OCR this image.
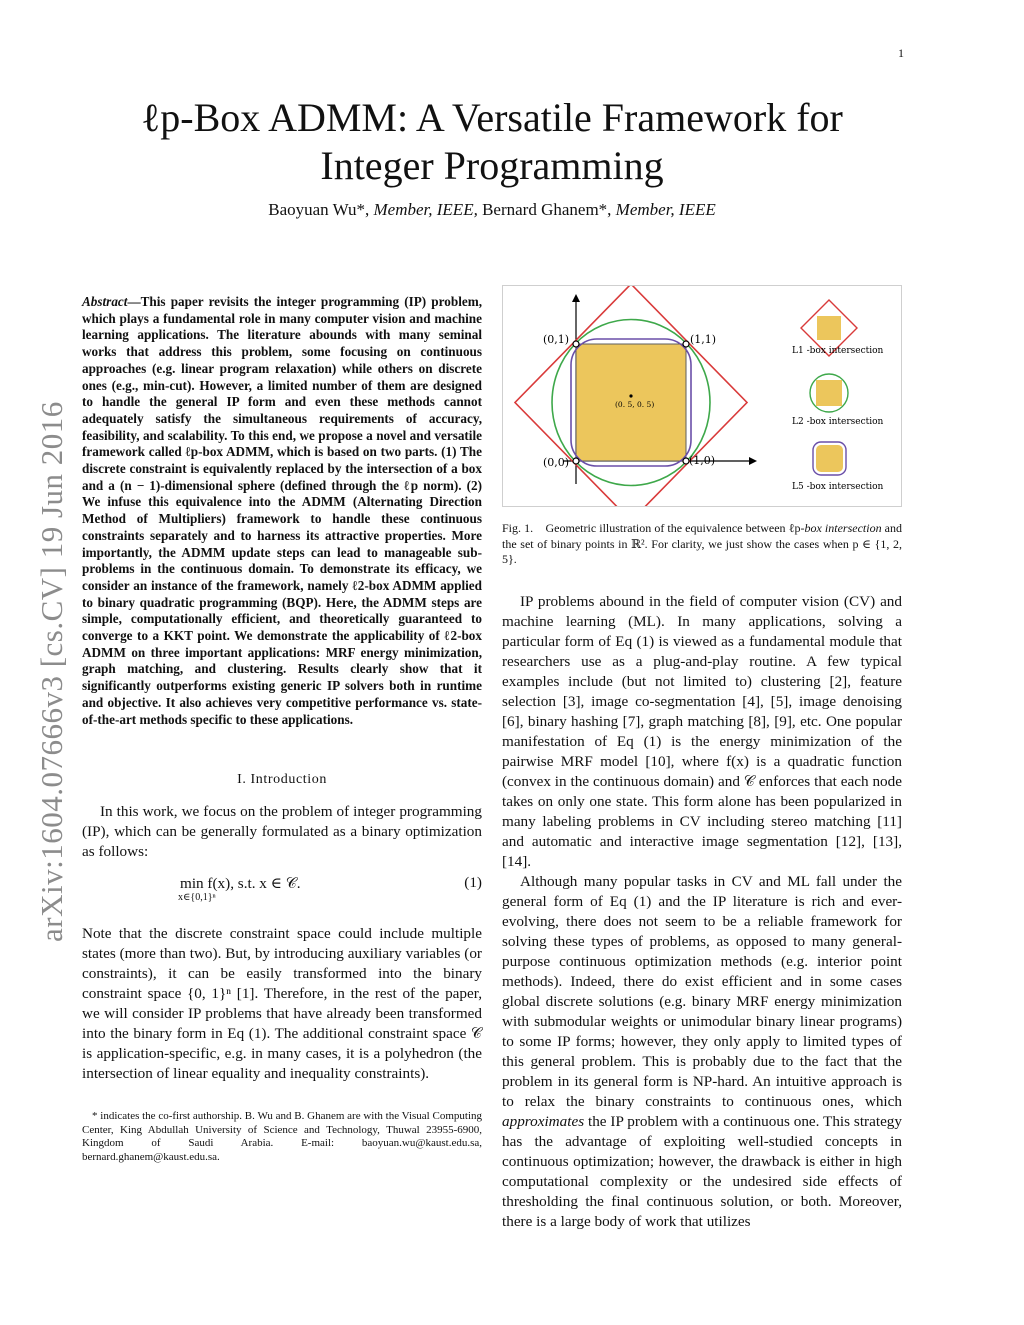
1
arXiv:1604.07666v3 [cs.CV] 19 Jun 2016
ℓp-Box ADMM: A Versatile Framework for Integer Programming
Baoyuan Wu*, Member, IEEE, Bernard Ghanem*, Member, IEEE

Abstract—This paper revisits the integer programming (IP) problem, which plays a fundamental role in many computer vision and machine learning applications. The literature abounds with many seminal works that address this problem, some focusing on continuous approaches (e.g. linear program relaxation) while others on discrete ones (e.g., min-cut). However, a limited number of them are designed to handle the general IP form and even these methods cannot adequately satisfy the simultaneous requirements of accuracy, feasibility, and scalability. To this end, we propose a novel and versatile framework called ℓp-box ADMM, which is based on two parts. (1) The discrete constraint is equivalently replaced by the intersection of a box and a (n − 1)-dimensional sphere (defined through the ℓp norm). (2) We infuse this equivalence into the ADMM (Alternating Direction Method of Multipliers) framework to handle these continuous constraints separately and to harness its attractive properties. More importantly, the ADMM update steps can lead to manageable sub-problems in the continuous domain. To demonstrate its efficacy, we consider an instance of the framework, namely ℓ2-box ADMM applied to binary quadratic programming (BQP). Here, the ADMM steps are simple, computationally efficient, and theoretically guaranteed to converge to a KKT point. We demonstrate the applicability of ℓ2-box ADMM on three important applications: MRF energy minimization, graph matching, and clustering. Results clearly show that it significantly outperforms existing generic IP solvers both in runtime and objective. It also achieves very competitive performance vs. state-of-the-art methods specific to these applications.

I. Introduction

In this work, we focus on the problem of integer programming (IP), which can be generally formulated as a binary optimization as follows:

min f(x), s.t. x ∈ 𝒞.
x∈{0,1}ⁿ
(1)

Note that the discrete constraint space could include multiple states (more than two). But, by introducing auxiliary variables (or constraints), it can be easily transformed into the binary constraint space {0, 1}ⁿ [1]. Therefore, in the rest of the paper, we will consider IP problems that have already been transformed into the binary form in Eq (1). The additional constraint space 𝒞 is application-specific, e.g. in many cases, it is a polyhedron (the intersection of linear equality and inequality constraints).

* indicates the co-first authorship. B. Wu and B. Ghanem are with the Visual Computing Center, King Abdullah University of Science and Technology, Thuwal 23955-6900, Kingdom of Saudi Arabia. E-mail: baoyuan.wu@kaust.edu.sa, bernard.ghanem@kaust.edu.sa.
(0,1)	(1,1)
(0,0)	(1,0)
(0. 5, 0. 5)
L1 -box intersection
L2 -box intersection
L5 -box intersection
Fig. 1. Geometric illustration of the equivalence between ℓp-box intersection and the set of binary points in ℝ². For clarity, we just show the cases when p ∈ {1, 2, 5}.

IP problems abound in the field of computer vision (CV) and machine learning (ML). In many applications, solving a particular form of Eq (1) is viewed as a fundamental module that researchers use as a plug-and-play routine. A few typical examples include (but not limited to) clustering [2], feature selection [3], image co-segmentation [4], [5], image denoising [6], binary hashing [7], graph matching [8], [9], etc. One popular manifestation of Eq (1) is the energy minimization of the pairwise MRF model [10], where f(x) is a quadratic function (convex in the continuous domain) and 𝒞 enforces that each node takes on only one state. This form alone has been popularized in many labeling problems in CV including stereo matching [11] and automatic and interactive image segmentation [12], [13], [14].

Although many popular tasks in CV and ML fall under the general form of Eq (1) and the IP literature is rich and ever-evolving, there does not seem to be a reliable framework for solving these types of problems, as opposed to many general-purpose continuous optimization methods (e.g. interior point methods). Indeed, there do exist efficient and in some cases global discrete solutions (e.g. binary MRF energy minimization with submodular weights or unimodular binary linear programs) to some IP forms; however, they only apply to limited types of this general problem. This is probably due to the fact that the problem in its general form is NP-hard. An intuitive approach is to relax the binary constraints to continuous ones, which approximates the IP problem with a continuous one. This strategy has the advantage of exploiting well-studied concepts in continuous optimization; however, the drawback is either in high computational complexity or the undesired side effects of thresholding the final continuous solution, or both. Moreover, there is a large body of work that utilizes
